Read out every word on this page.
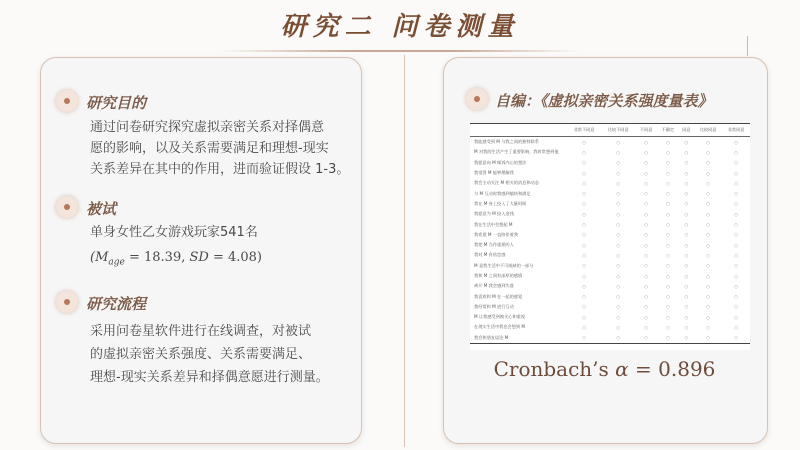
研究二 问卷测量
研究目的
通过问卷研究探究虚拟亲密关系对择偶意
愿的影响，以及关系需要满足和理想-现实
关系差异在其中的作用，进而验证假设 1-3。
被试
单身女性乙女游戏玩家541名
($M_{age} = 18.39$, SD = 4.08)
研究流程
采用问卷星软件进行在线调查，对被试
的虚拟亲密关系强度、关系需要满足、
理想-现实关系差异和择偶意愿进行测量。
自编：《虚拟亲密关系强度量表》
	非常不同意	比较不同意	不同意	不确定	同意	比较同意	非常同意
我能感受到 M 与我之间的独特联系	○	○	○	○	○	○	○
M 对我的生活产生了重要影响，我时常想到他	○	○	○	○	○	○	○
我愿意向 M 倾诉内心的想法	○	○	○	○	○	○	○
我觉得 M 能够理解我	○	○	○	○	○	○	○
我会主动关注 M 相关的消息和动态	○	○	○	○	○	○	○
与 M 互动时我感到愉快和满足	○	○	○	○	○	○	○
我在 M 身上投入了大量时间	○	○	○	○	○	○	○
我愿意为 M 投入金钱	○	○	○	○	○	○	○
我在生活中会想起 M	○	○	○	○	○	○	○
我希望 M 一直陪伴着我	○	○	○	○	○	○	○
我把 M 当作重要的人	○	○	○	○	○	○	○
我对 M 有依恋感	○	○	○	○	○	○	○
M 是我生活中不可或缺的一部分	○	○	○	○	○	○	○
我和 M 之间有深厚的感情	○	○	○	○	○	○	○
离开 M 我会感到失落	○	○	○	○	○	○	○
我喜欢和 M 在一起的感觉	○	○	○	○	○	○	○
我经常和 M 进行互动	○	○	○	○	○	○	○
M 让我感受到被关心和重视	○	○	○	○	○	○	○
在现实生活中我也会想到 M	○	○	○	○	○	○	○
我会和朋友谈论 M	○	○	○	○	○	○	○
Cronbach’s α = 0.896
